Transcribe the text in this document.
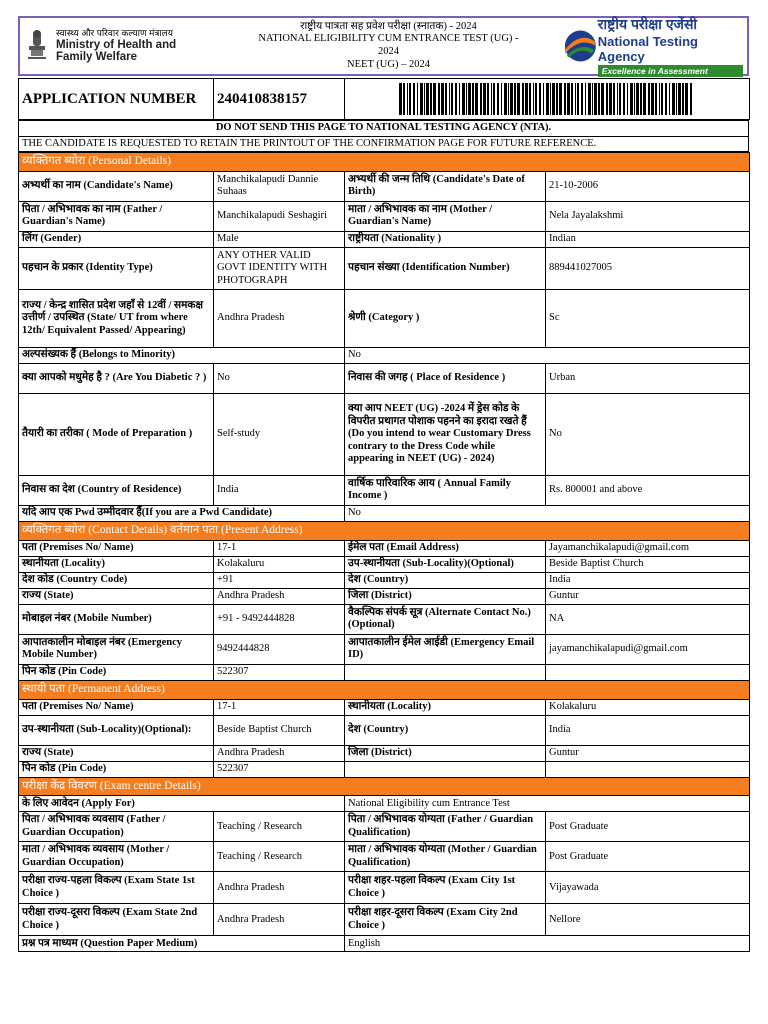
स्वास्थ्य और परिवार कल्याण मंत्रालय
Ministry of Health and
Family Welfare
राष्ट्रीय पात्रता सह प्रवेश परीक्षा (स्नातक) - 2024
NATIONAL ELIGIBILITY CUM ENTRANCE TEST (UG) -
2024
NEET (UG) – 2024
राष्ट्रीय परीक्षा एजेंसी
National Testing Agency
Excellence in Assessment
APPLICATION NUMBER	240410838157	
DO NOT SEND THIS PAGE TO NATIONAL TESTING AGENCY (NTA).
THE CANDIDATE IS REQUESTED TO RETAIN THE PRINTOUT OF THE CONFIRMATION PAGE FOR FUTURE REFERENCE.
व्यक्तिगत ब्योरा (Personal Details)			
अभ्यर्थी का नाम (Candidate's Name)	Manchikalapudi Dannie Suhaas	अभ्यर्थी की जन्म तिथि (Candidate's Date of Birth)	21-10-2006
पिता / अभिभावक का नाम (Father / Guardian's Name)	Manchikalapudi Seshagiri	माता / अभिभावक का नाम (Mother / Guardian's Name)	Nela Jayalakshmi
लिंग (Gender)	Male	राष्ट्रीयता (Nationality )	Indian
पहचान के प्रकार (Identity Type)	ANY OTHER VALID GOVT IDENTITY WITH PHOTOGRAPH	पहचान संख्या (Identification Number)	889441027005
राज्य / केन्द्र शासित प्रदेश जहाँ से 12वीं / समकक्ष उत्तीर्ण / उपस्थित (State/ UT from where 12th/ Equivalent Passed/ Appearing)	Andhra Pradesh	श्रेणी (Category )	Sc
अल्पसंख्यक हैं (Belongs to Minority)		No	
क्या आपको मधुमेह है ? (Are You Diabetic ? )	No	निवास की जगह ( Place of Residence )	Urban
तैयारी का तरीका ( Mode of Preparation )	Self-study	क्या आप NEET (UG) -2024 में ड्रेस कोड के विपरीत प्रथागत पोशाक पहनने का इरादा रखते हैं (Do you intend to wear Customary Dress contrary to the Dress Code while appearing in NEET (UG) - 2024)	No
निवास का देश (Country of Residence)	India	वार्षिक पारिवारिक आय ( Annual Family Income )	Rs. 800001 and above
यदि आप एक Pwd उम्मीदवार हैं(If you are a Pwd Candidate)		No	
व्यक्तिगत ब्योरा (Contact Details) वर्तमान पता (Present Address)			
पता (Premises No/ Name)	17-1	ईमेल पता (Email Address)	Jayamanchikalapudi@gmail.com
स्थानीयता (Locality)	Kolakaluru	उप-स्थानीयता (Sub-Locality)(Optional)	Beside Baptist Church
देश कोड (Country Code)	+91	देश (Country)	India
राज्य (State)	Andhra Pradesh	जिला (District)	Guntur
मोबाइल नंबर (Mobile Number)	+91 - 9492444828	वैकल्पिक संपर्क सूत्र (Alternate Contact No.) (Optional)	NA
आपातकालीन मोबाइल नंबर (Emergency Mobile Number)	9492444828	आपातकालीन ईमेल आईडी (Emergency Email ID)	jayamanchikalapudi@gmail.com
पिन कोड (Pin Code)	522307		
स्थायी पता (Permanent Address)			
पता (Premises No/ Name)	17-1	स्थानीयता (Locality)	Kolakaluru
उप-स्थानीयता (Sub-Locality)(Optional):	Beside Baptist Church	देश (Country)	India
राज्य (State)	Andhra Pradesh	जिला (District)	Guntur
पिन कोड (Pin Code)	522307		
परीक्षा केंद्र विवरण (Exam centre Details)			
के लिए आवेदन (Apply For)		National Eligibility cum Entrance Test	
पिता / अभिभावक व्यवसाय (Father / Guardian Occupation)	Teaching / Research	पिता / अभिभावक योग्यता (Father / Guardian Qualification)	Post Graduate
माता / अभिभावक व्यवसाय (Mother / Guardian Occupation)	Teaching / Research	माता / अभिभावक योग्यता (Mother / Guardian Qualification)	Post Graduate
परीक्षा राज्य-पहला विकल्प (Exam State 1st Choice )	Andhra Pradesh	परीक्षा शहर-पहला विकल्प (Exam City 1st Choice )	Vijayawada
परीक्षा राज्य-दूसरा विकल्प (Exam State 2nd Choice )	Andhra Pradesh	परीक्षा शहर-दूसरा विकल्प (Exam City 2nd Choice )	Nellore
प्रश्न पत्र माध्यम (Question Paper Medium)		English	
